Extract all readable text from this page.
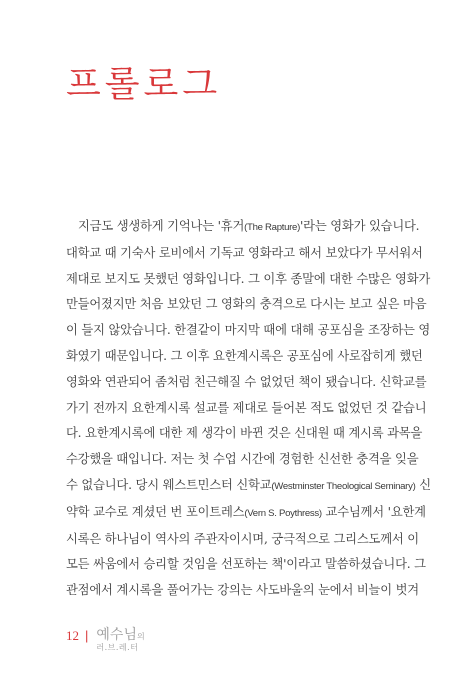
프롤로그
지금도 생생하게 기억나는 '휴거(The Rapture)'라는 영화가 있습니다.
대학교 때 기숙사 로비에서 기독교 영화라고 해서 보았다가 무서워서
제대로 보지도 못했던 영화입니다. 그 이후 종말에 대한 수많은 영화가
만들어졌지만 처음 보았던 그 영화의 충격으로 다시는 보고 싶은 마음
이 들지 않았습니다. 한결같이 마지막 때에 대해 공포심을 조장하는 영
화였기 때문입니다. 그 이후 요한계시록은 공포심에 사로잡히게 했던
영화와 연관되어 좀처럼 친근해질 수 없었던 책이 됐습니다. 신학교를
가기 전까지 요한계시록 설교를 제대로 들어본 적도 없었던 것 같습니
다. 요한계시록에 대한 제 생각이 바뀐 것은 신대원 때 계시록 과목을
수강했을 때입니다. 저는 첫 수업 시간에 경험한 신선한 충격을 잊을
수 없습니다. 당시 웨스트민스터 신학교(Westminster Theological Seminary) 신
약학 교수로 계셨던 번 포이트레스(Vern S. Poythress) 교수님께서 '요한계
시록은 하나님이 역사의 주관자이시며, 궁극적으로 그리스도께서 이
모든 싸움에서 승리할 것임을 선포하는 책'이라고 말씀하셨습니다. 그
관점에서 계시록을 풀어가는 강의는 사도바울의 눈에서 비늘이 벗겨
12 | 예수님의
러.브.레.터
